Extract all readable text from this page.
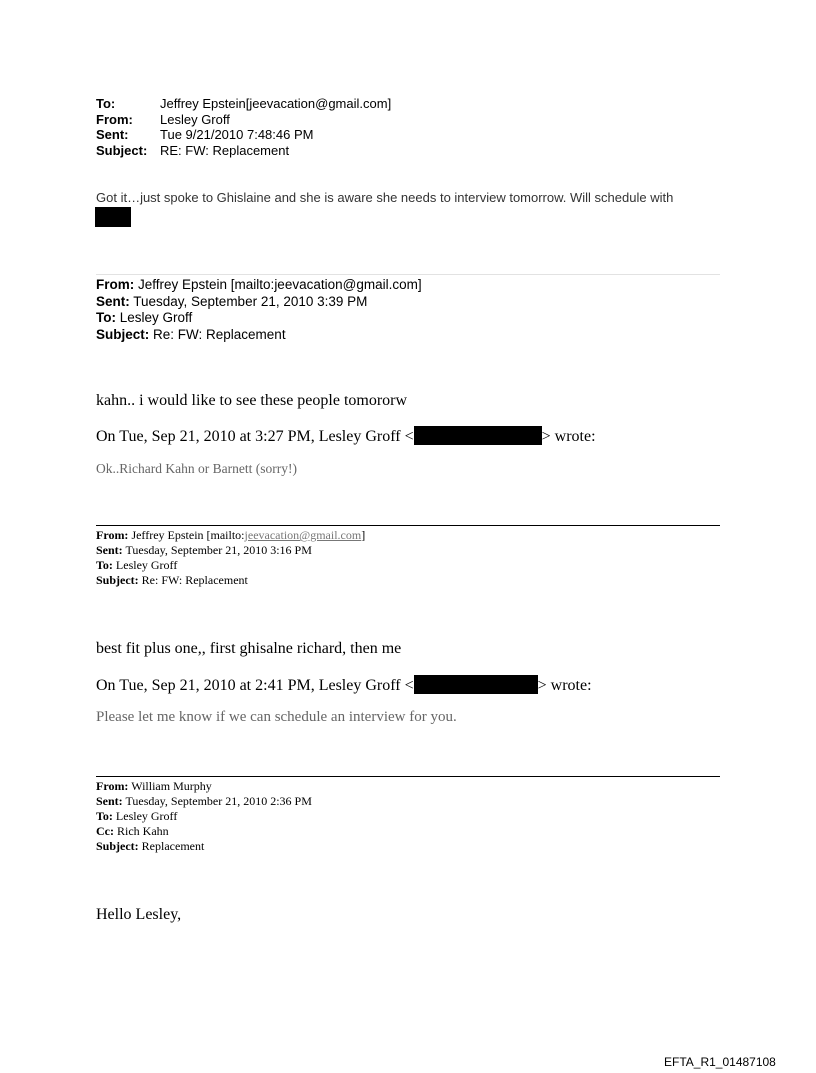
To:	Jeffrey Epstein[jeevacation@gmail.com]
From:	Lesley Groff
Sent:	Tue 9/21/2010 7:48:46 PM
Subject: RE: FW: Replacement
Got it…just spoke to Ghislaine and she is aware she needs to interview tomorrow. Will schedule with
From: Jeffrey Epstein [mailto:jeevacation@gmail.com]
Sent: Tuesday, September 21, 2010 3:39 PM
To: Lesley Groff
Subject: Re: FW: Replacement
kahn.. i would like to see these people tomororw
On Tue, Sep 21, 2010 at 3:27 PM, Lesley Groff <	> wrote:
Ok..Richard Kahn or Barnett (sorry!)
From: Jeffrey Epstein [mailto:jeevacation@gmail.com]
Sent: Tuesday, September 21, 2010 3:16 PM
To: Lesley Groff
Subject: Re: FW: Replacement
best fit plus one,, first ghisalne richard, then me
On Tue, Sep 21, 2010 at 2:41 PM, Lesley Groff <	> wrote:
Please let me know if we can schedule an interview for you.
From: William Murphy
Sent: Tuesday, September 21, 2010 2:36 PM
To: Lesley Groff
Cc: Rich Kahn
Subject: Replacement
Hello Lesley,
EFTA_R1_01487108
